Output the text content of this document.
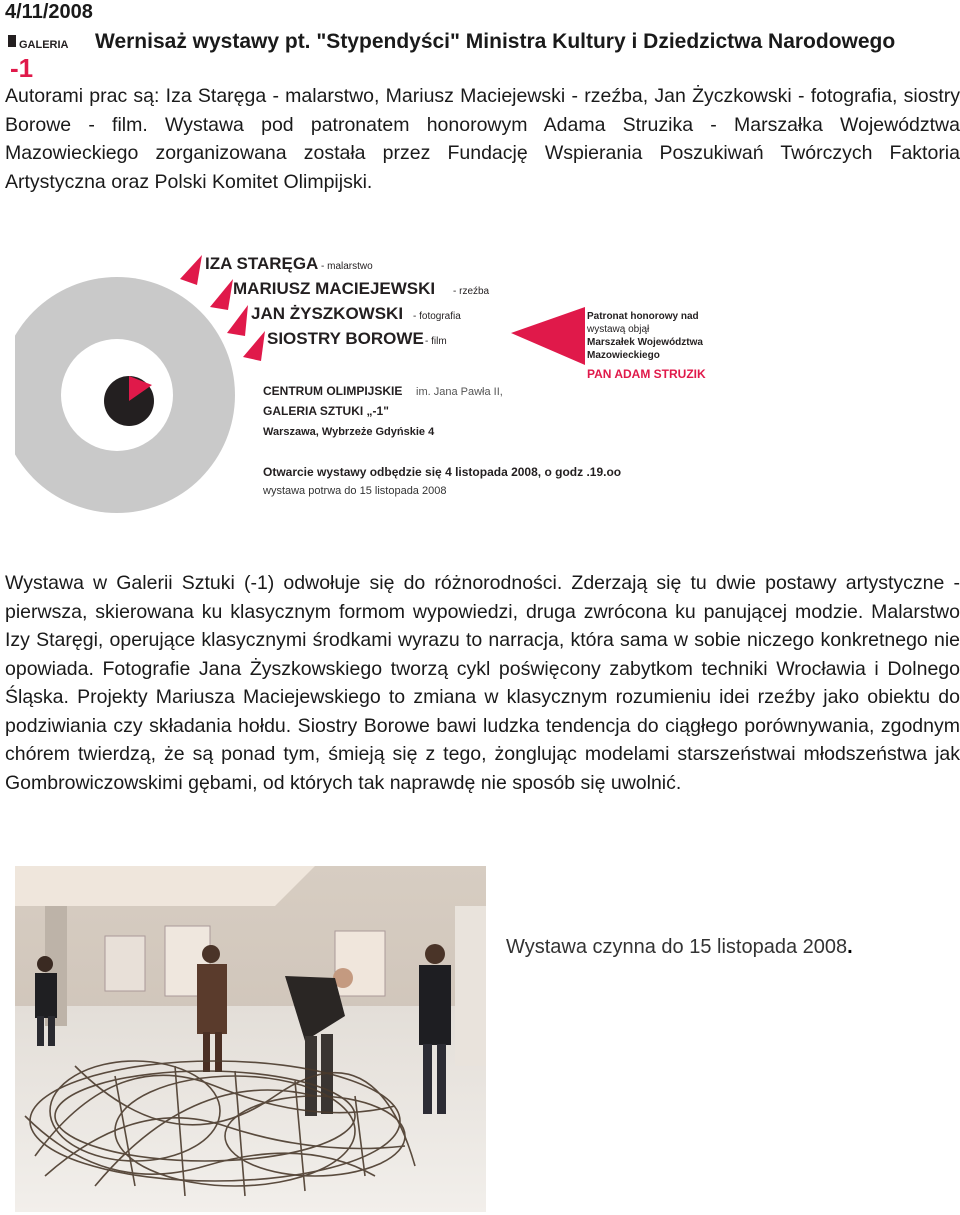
4/11/2008
GALERIA
-1
Wernisaż wystawy pt. "Stypendyści" Ministra Kultury i Dziedzictwa Narodowego

Autorami prac są: Iza Staręga - malarstwo, Mariusz Maciejewski - rzeźba, Jan Życzkowski - fotografia, siostry Borowe - film. Wystawa pod patronatem honorowym Adama Struzika - Marszałka Województwa Mazowieckiego zorganizowana została przez Fundację Wspierania Poszukiwań Twórczych Faktoria Artystyczna oraz Polski Komitet Olimpijski.

IZA STARĘGA - malarstwo
MARIUSZ MACIEJEWSKI - rzeźba
JAN ŻYSZKOWSKI - fotografia
SIOSTRY BOROWE - film
Patronat honorowy nad
wystawą objął
Marszałek Województwa
Mazowieckiego
PAN ADAM STRUZIK
CENTRUM OLIMPIJSKIE im. Jana Pawła II,
GALERIA SZTUKI „-1"
Warszawa, Wybrzeże Gdyńskie 4
Otwarcie wystawy odbędzie się 4 listopada 2008, o godz .19.oo
wystawa potrwa do 15 listopada 2008

Wystawa w Galerii Sztuki (-1) odwołuje się do różnorodności. Zderzają się tu dwie postawy artystyczne - pierwsza, skierowana ku klasycznym formom wypowiedzi, druga zwrócona ku panującej modzie. Malarstwo Izy Staręgi, operujące klasycznymi środkami wyrazu to narracja, która sama w sobie niczego konkretnego nie opowiada. Fotografie Jana Żyszkowskiego tworzą cykl poświęcony zabytkom techniki Wrocławia i Dolnego Śląska. Projekty Mariusza Maciejewskiego to zmiana w klasycznym rozumieniu idei rzeźby jako obiektu do podziwiania czy składania hołdu. Siostry Borowe bawi ludzka tendencja do ciągłego porównywania, zgodnym chórem twierdzą, że są ponad tym, śmieją się z tego, żonglując modelami starszeństwai młodszeństwa jak Gombrowiczowskimi gębami, od których tak naprawdę nie sposób się uwolnić.

Wystawa czynna do 15 listopada 2008.
